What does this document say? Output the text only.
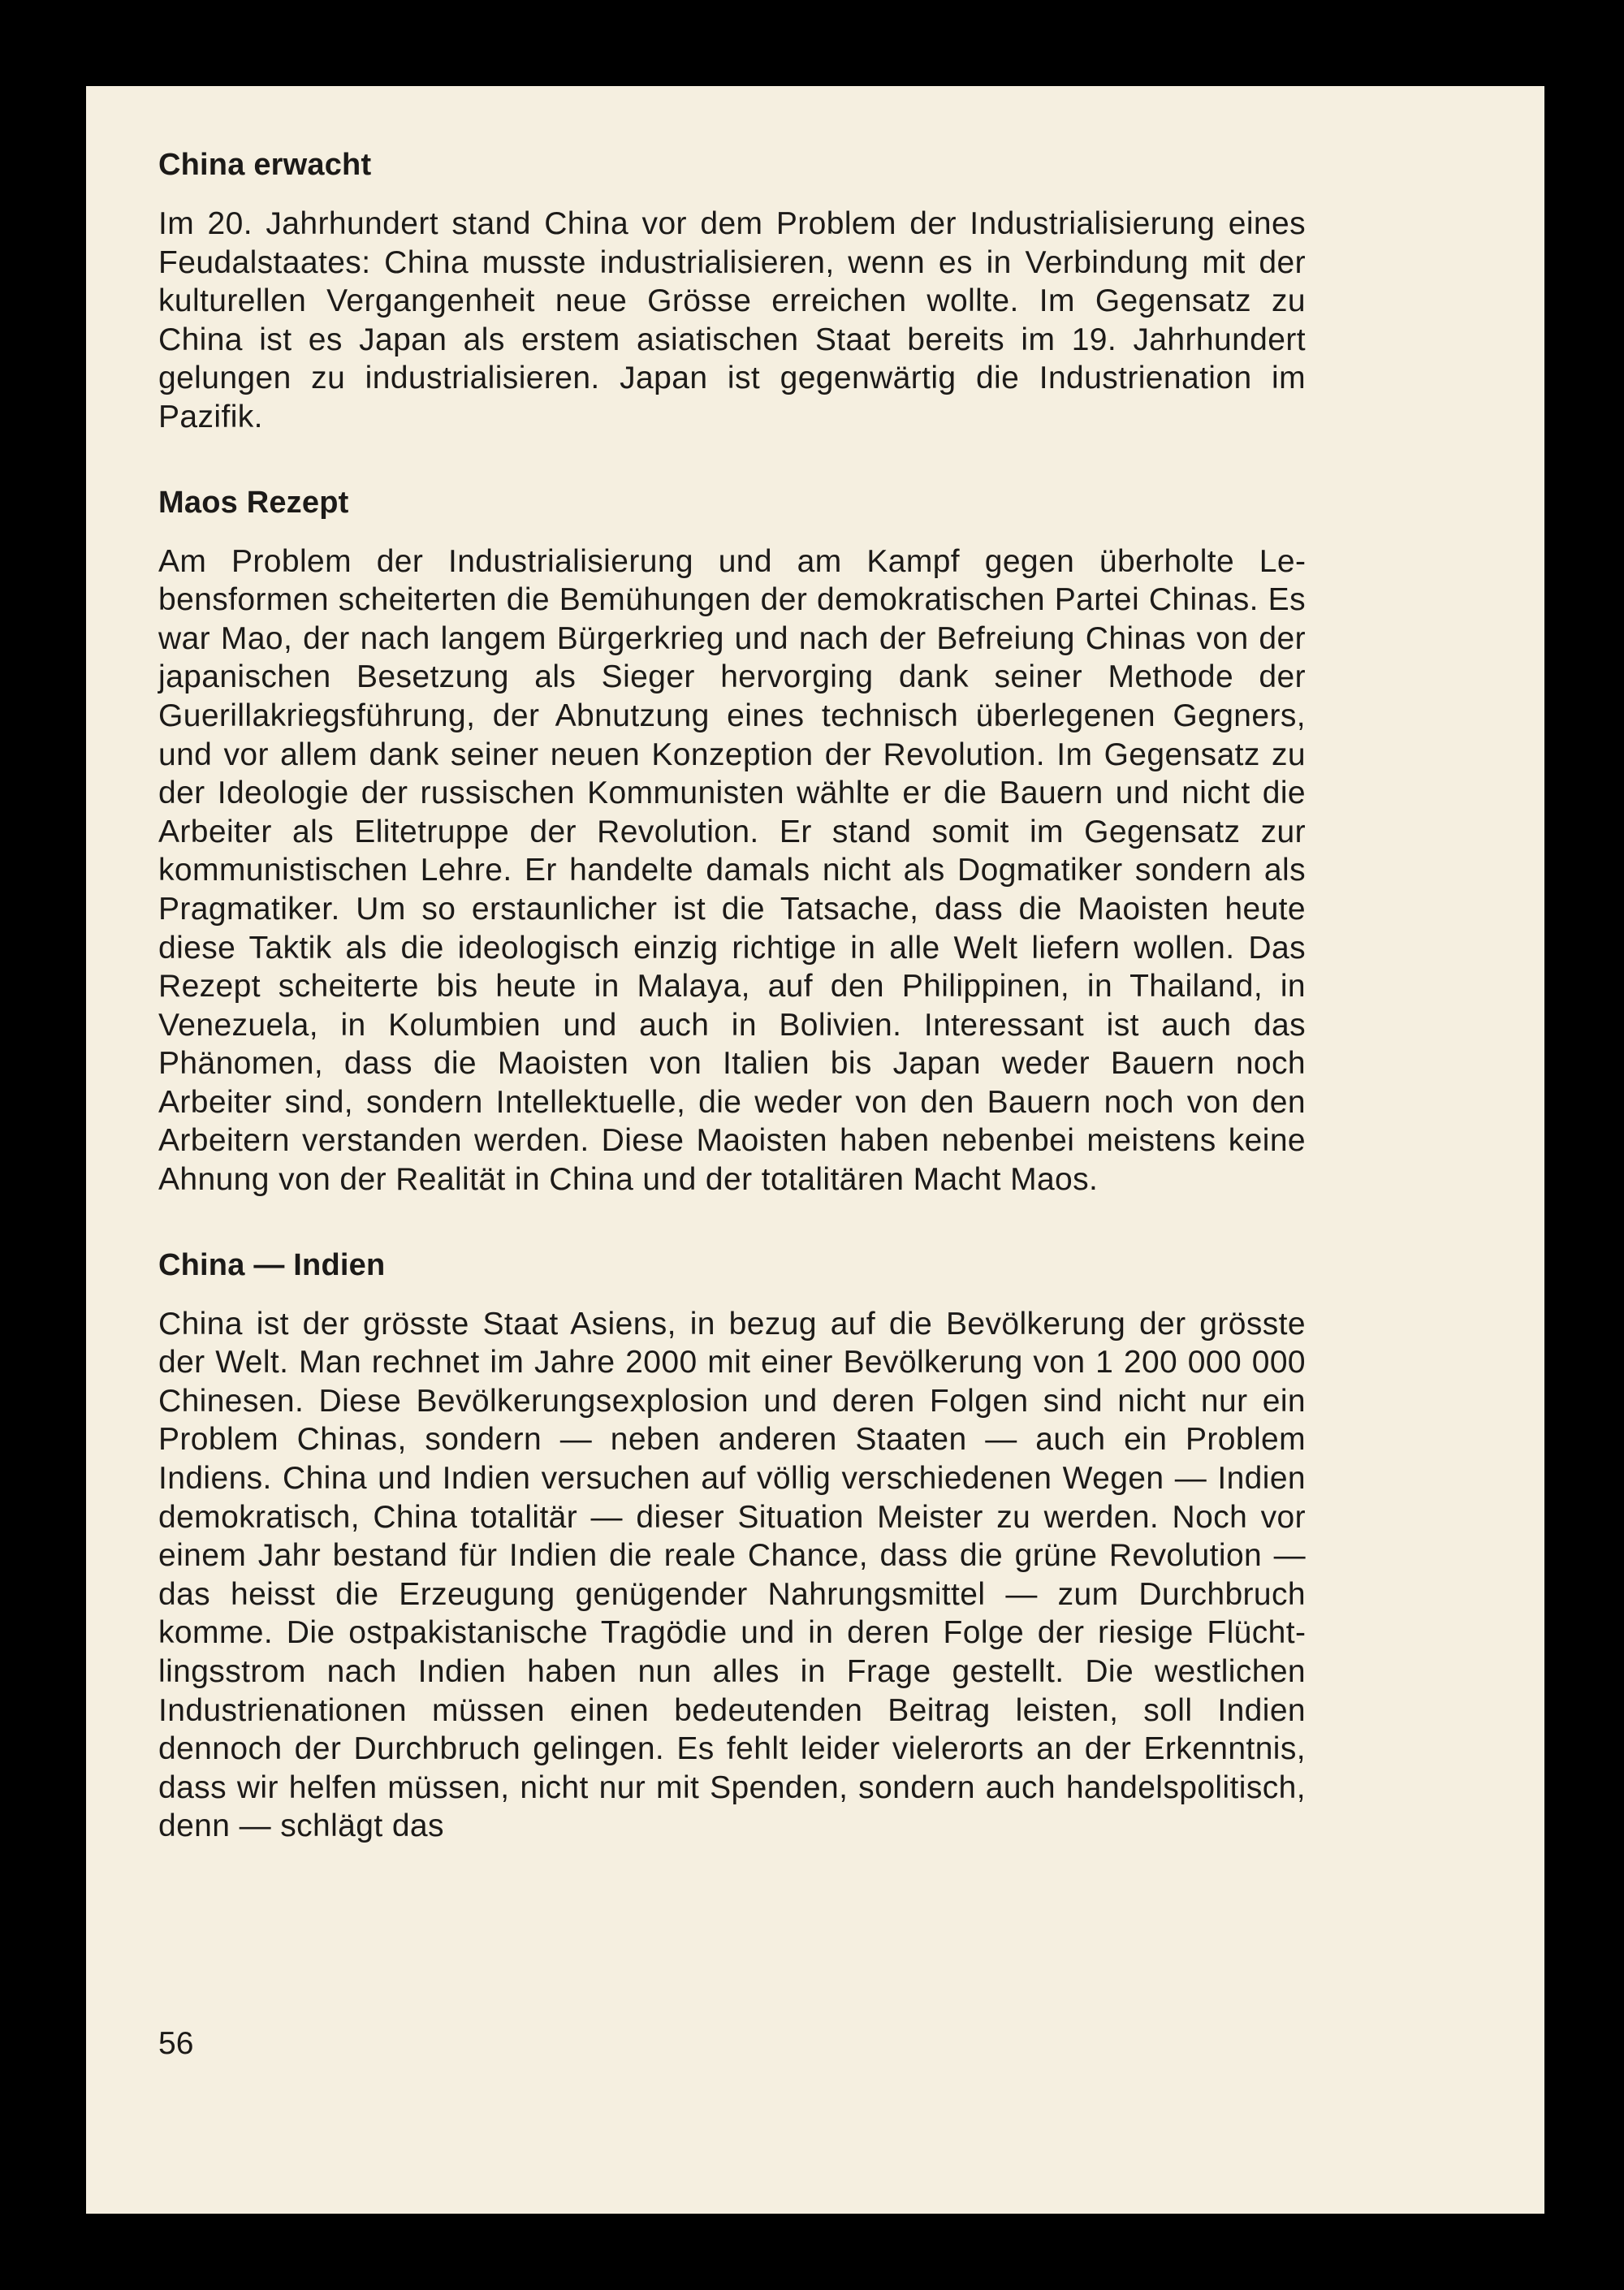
China erwacht

Im 20. Jahrhundert stand China vor dem Problem der Industrialisierung eines Feudalstaates: China musste industrialisieren, wenn es in Verbindung mit der kulturellen Vergangenheit neue Grösse erreichen wollte. Im Gegensatz zu China ist es Japan als erstem asiatischen Staat bereits im 19. Jahrhundert gelungen zu industrialisieren. Japan ist gegenwärtig die Industrienation im Pazifik.

Maos Rezept

Am Problem der Industrialisierung und am Kampf gegen überholte Lebensformen scheiterten die Bemühungen der demokratischen Partei Chinas. Es war Mao, der nach langem Bürgerkrieg und nach der Befreiung Chinas von der japanischen Besetzung als Sieger hervorging dank seiner Methode der Guerillakriegsführung, der Abnutzung eines technisch überlegenen Gegners, und vor allem dank seiner neuen Konzeption der Revolution. Im Gegensatz zu der Ideologie der russischen Kommunisten wählte er die Bauern und nicht die Arbeiter als Elitetruppe der Revolution. Er stand somit im Gegensatz zur kommunistischen Lehre. Er handelte damals nicht als Dogmatiker sondern als Pragmatiker. Um so erstaunlicher ist die Tatsache, dass die Maoisten heute diese Taktik als die ideologisch einzig richtige in alle Welt liefern wollen. Das Rezept scheiterte bis heute in Malaya, auf den Philippinen, in Thailand, in Venezuela, in Kolumbien und auch in Bolivien. Interessant ist auch das Phänomen, dass die Maoisten von Italien bis Japan weder Bauern noch Arbeiter sind, sondern Intellektuelle, die weder von den Bauern noch von den Arbeitern verstanden werden. Diese Maoisten haben nebenbei meistens keine Ahnung von der Realität in China und der totalitären Macht Maos.

China — Indien

China ist der grösste Staat Asiens, in bezug auf die Bevölkerung der grösste der Welt. Man rechnet im Jahre 2000 mit einer Bevölkerung von 1 200 000 000 Chinesen. Diese Bevölkerungsexplosion und deren Folgen sind nicht nur ein Problem Chinas, sondern — neben anderen Staaten — auch ein Problem Indiens. China und Indien versuchen auf völlig verschiedenen Wegen — Indien demokratisch, China totalitär — dieser Situation Meister zu werden. Noch vor einem Jahr bestand für Indien die reale Chance, dass die grüne Revolution — das heisst die Erzeugung genügender Nahrungsmittel — zum Durchbruch komme. Die ostpakistanische Tragödie und in deren Folge der riesige Flüchtlingsstrom nach Indien haben nun alles in Frage gestellt. Die westlichen Industrienationen müssen einen bedeutenden Beitrag leisten, soll Indien dennoch der Durchbruch gelingen. Es fehlt leider vielerorts an der Erkenntnis, dass wir helfen müssen, nicht nur mit Spenden, sondern auch handelspolitisch, denn — schlägt das

56
